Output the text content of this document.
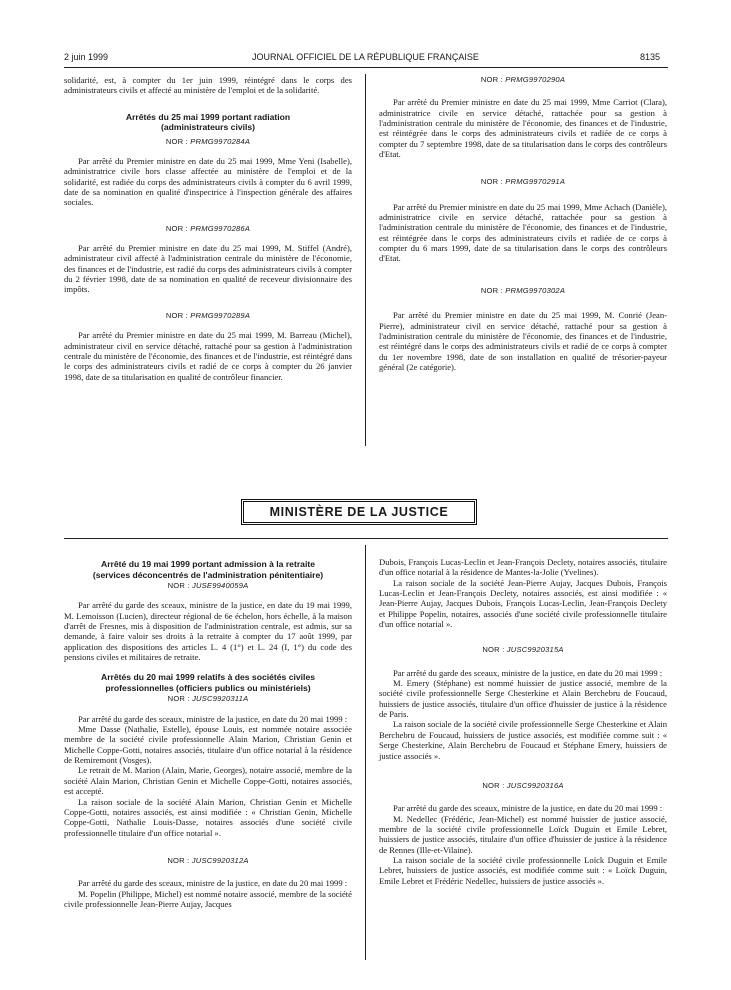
2 juin 1999	JOURNAL OFFICIEL DE LA RÉPUBLIQUE FRANÇAISE	8135

solidarité, est, à compter du 1er juin 1999, réintégré dans le corps des administrateurs civils et affecté au ministère de l'emploi et de la solidarité.

Arrêtés du 25 mai 1999 portant radiation
(administrateurs civils)
NOR : PRMG9970284A

Par arrêté du Premier ministre en date du 25 mai 1999, Mme Yeni (Isabelle), administratrice civile hors classe affectée au ministère de l'emploi et de la solidarité, est radiée du corps des administrateurs civils à compter du 6 avril 1999, date de sa nomination en qualité d'inspectrice à l'inspection générale des affaires sociales.

NOR : PRMG9970286A

Par arrêté du Premier ministre en date du 25 mai 1999, M. Stiffel (André), administrateur civil affecté à l'administration centrale du ministère de l'économie, des finances et de l'industrie, est radié du corps des administrateurs civils à compter du 2 février 1998, date de sa nomination en qualité de receveur divisionnaire des impôts.

NOR : PRMG9970289A

Par arrêté du Premier ministre en date du 25 mai 1999, M. Barreau (Michel), administrateur civil en service détaché, rattaché pour sa gestion à l'administration centrale du ministère de l'économie, des finances et de l'industrie, est réintégré dans le corps des administrateurs civils et radié de ce corps à compter du 26 janvier 1998, date de sa titularisation en qualité de contrôleur financier.

NOR : PRMG9970290A

Par arrêté du Premier ministre en date du 25 mai 1999, Mme Carriot (Clara), administratrice civile en service détaché, rattachée pour sa gestion à l'administration centrale du ministère de l'économie, des finances et de l'industrie, est réintégrée dans le corps des administrateurs civils et radiée de ce corps à compter du 7 septembre 1998, date de sa titularisation dans le corps des contrôleurs d'Etat.

NOR : PRMG9970291A

Par arrêté du Premier ministre en date du 25 mai 1999, Mme Achach (Danièle), administratrice civile en service détaché, rattachée pour sa gestion à l'administration centrale du ministère de l'économie, des finances et de l'industrie, est réintégrée dans le corps des administrateurs civils et radiée de ce corps à compter du 6 mars 1999, date de sa titularisation dans le corps des contrôleurs d'Etat.

NOR : PRMG9970302A

Par arrêté du Premier ministre en date du 25 mai 1999, M. Conrié (Jean-Pierre), administrateur civil en service détaché, rattaché pour sa gestion à l'administration centrale du ministère de l'économie, des finances et de l'industrie, est réintégré dans le corps des administrateurs civils et radié de ce corps à compter du 1er novembre 1998, date de son installation en qualité de trésorier-payeur général (2e catégorie).

MINISTÈRE DE LA JUSTICE
Arrêté du 19 mai 1999 portant admission à la retraite
(services déconcentrés de l'administration pénitentiaire)
NOR : JUSE9940059A

Par arrêté du garde des sceaux, ministre de la justice, en date du 19 mai 1999, M. Lemoisson (Lucien), directeur régional de 6e échelon, hors échelle, à la maison d'arrêt de Fresnes, mis à disposition de l'administration centrale, est admis, sur sa demande, à faire valoir ses droits à la retraite à compter du 17 août 1999, par application des dispositions des articles L. 4 (1°) et L. 24 (I, 1°) du code des pensions civiles et militaires de retraite.

Arrêtés du 20 mai 1999 relatifs à des sociétés civiles
professionnelles (officiers publics ou ministériels)
NOR : JUSC9920311A

Par arrêté du garde des sceaux, ministre de la justice, en date du 20 mai 1999 :

Mme Dasse (Nathalie, Estelle), épouse Louis, est nommée notaire associée membre de la société civile professionnelle Alain Marion, Christian Genin et Michelle Coppe-Gotti, notaires associés, titulaire d'un office notarial à la résidence de Remiremont (Vosges).

Le retrait de M. Marion (Alain, Marie, Georges), notaire associé, membre de la société Alain Marion, Christian Genin et Michelle Coppe-Gotti, notaires associés, est accepté.

La raison sociale de la société Alain Marion, Christian Genin et Michelle Coppe-Gotti, notaires associés, est ainsi modifiée : « Christian Genin, Michelle Coppe-Gotti, Nathalie Louis-Dasse, notaires associés d'une société civile professionnelle titulaire d'un office notarial ».

NOR : JUSC9920312A

Par arrêté du garde des sceaux, ministre de la justice, en date du 20 mai 1999 :

M. Popelin (Philippe, Michel) est nommé notaire associé, membre de la société civile professionnelle Jean-Pierre Aujay, Jacques

Dubois, François Lucas-Leclin et Jean-François Declety, notaires associés, titulaire d'un office notarial à la résidence de Mantes-la-Jolie (Yvelines).

La raison sociale de la société Jean-Pierre Aujay, Jacques Dubois, François Lucas-Leclin et Jean-François Declety, notaires associés, est ainsi modifiée : « Jean-Pierre Aujay, Jacques Dubois, François Lucas-Leclin, Jean-François Declety et Philippe Popelin, notaires, associés d'une société civile professionnelle titulaire d'un office notarial ».

NOR : JUSC9920315A

Par arrêté du garde des sceaux, ministre de la justice, en date du 20 mai 1999 :

M. Emery (Stéphane) est nommé huissier de justice associé, membre de la société civile professionnelle Serge Chesterkine et Alain Berchebru de Foucaud, huissiers de justice associés, titulaire d'un office d'huissier de justice à la résidence de Paris.

La raison sociale de la société civile professionnelle Serge Chesterkine et Alain Berchebru de Foucaud, huissiers de justice associés, est modifiée comme suit : « Serge Chesterkine, Alain Berchebru de Foucaud et Stéphane Emery, huissiers de justice associés ».

NOR : JUSC9920316A

Par arrêté du garde des sceaux, ministre de la justice, en date du 20 mai 1999 :

M. Nedellec (Frédéric, Jean-Michel) est nommé huissier de justice associé, membre de la société civile professionnelle Loïck Duguin et Emile Lebret, huissiers de justice associés, titulaire d'un office d'huissier de justice à la résidence de Rennes (Ille-et-Vilaine).

La raison sociale de la société civile professionnelle Loïck Duguin et Emile Lebret, huissiers de justice associés, est modifiée comme suit : « Loïck Duguin, Emile Lebret et Frédéric Nedellec, huissiers de justice associés ».
